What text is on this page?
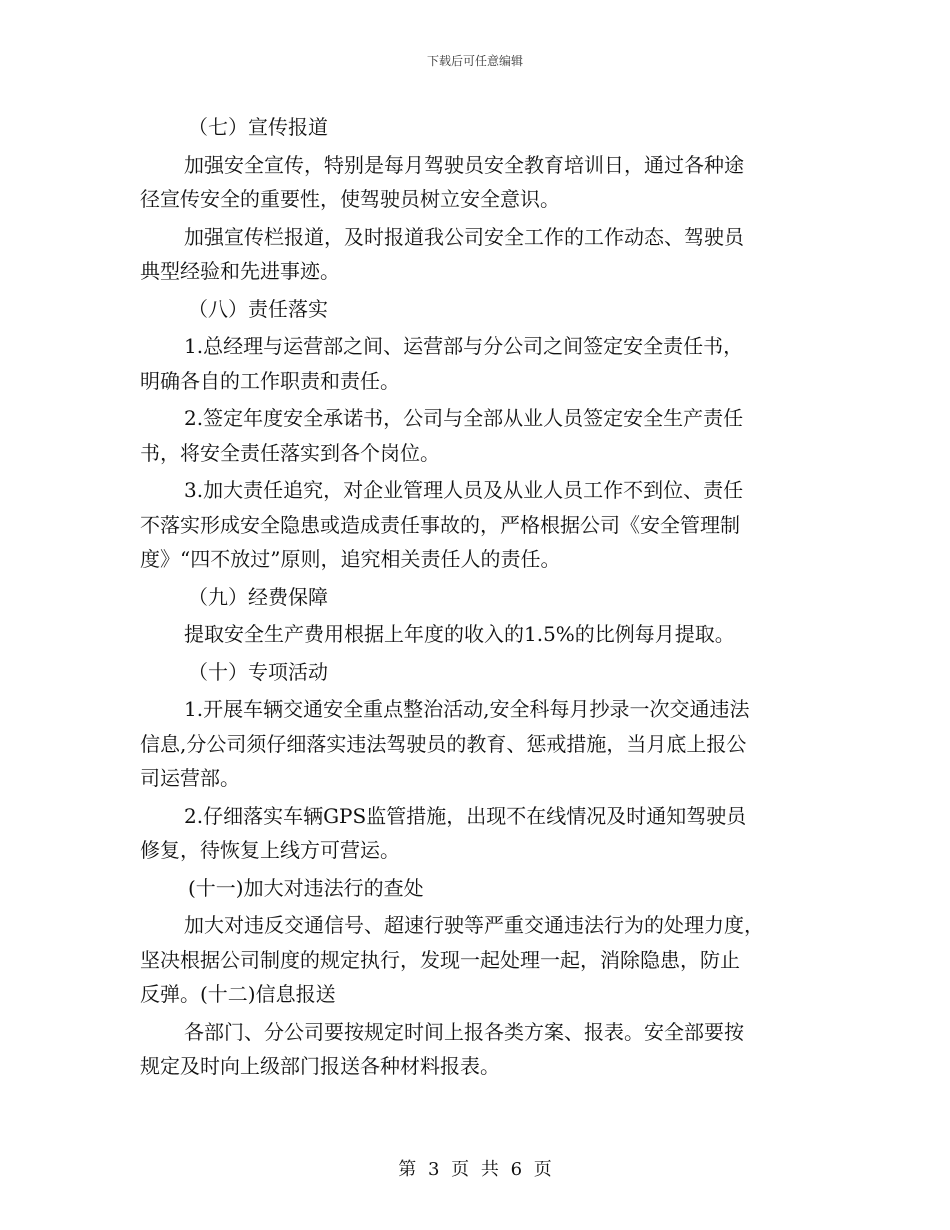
下载后可任意编辑

（七）宣传报道

加强安全宣传，特别是每月驾驶员安全教育培训日，通过各种途

径宣传安全的重要性，使驾驶员树立安全意识。

加强宣传栏报道，及时报道我公司安全工作的工作动态、驾驶员

典型经验和先进事迹。

（八）责任落实

1.总经理与运营部之间、运营部与分公司之间签定安全责任书，

明确各自的工作职责和责任。

2.签定年度安全承诺书，公司与全部从业人员签定安全生产责任

书，将安全责任落实到各个岗位。

3.加大责任追究，对企业管理人员及从业人员工作不到位、责任

不落实形成安全隐患或造成责任事故的，严格根据公司《安全管理制

度》“四不放过”原则，追究相关责任人的责任。

（九）经费保障

提取安全生产费用根据上年度的收入的1.5%的比例每月提取。

（十）专项活动

1.开展车辆交通安全重点整治活动,安全科每月抄录一次交通违法

信息,分公司须仔细落实违法驾驶员的教育、惩戒措施，当月底上报公

司运营部。

2.仔细落实车辆GPS监管措施，出现不在线情况及时通知驾驶员

修复，待恢复上线方可营运。

(十一)加大对违法行的查处

加大对违反交通信号、超速行驶等严重交通违法行为的处理力度，

坚决根据公司制度的规定执行，发现一起处理一起，消除隐患，防止

反弹。(十二)信息报送

各部门、分公司要按规定时间上报各类方案、报表。安全部要按

规定及时向上级部门报送各种材料报表。

第 3 页 共 6 页
